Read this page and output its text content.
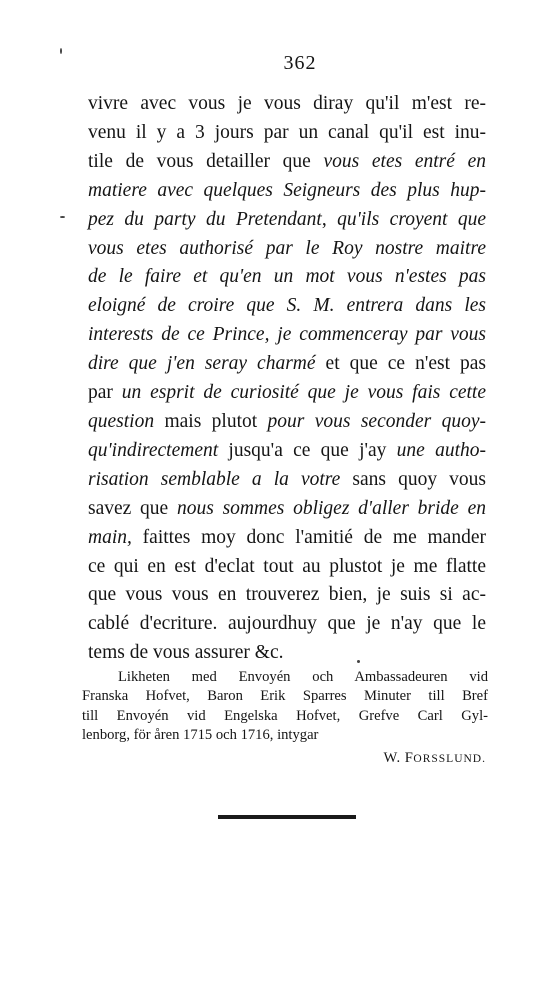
362
vivre avec vous je vous diray qu'il m'est re-
venu il y a 3 jours par un canal qu'il est inu-
tile de vous detailler que vous etes entré en
matiere avec quelques Seigneurs des plus hup-
pez du party du Pretendant, qu'ils croyent que
vous etes authorisé par le Roy nostre maitre
de le faire et qu'en un mot vous n'estes pas
eloigné de croire que S. M. entrera dans les
interests de ce Prince, je commenceray par vous
dire que j'en seray charmé et que ce n'est pas
par un esprit de curiosité que je vous fais cette
question mais plutot pour vous seconder quoy-
qu'indirectement jusqu'a ce que j'ay une autho-
risation semblable a la votre sans quoy vous
savez que nous sommes obligez d'aller bride en
main, faittes moy donc l'amitié de me mander
ce qui en est d'eclat tout au plustot je me flatte
que vous vous en trouverez bien, je suis si ac-
cablé d'ecriture. aujourdhuy que je n'ay que le
tems de vous assurer &c.
Likheten med Envoyén och Ambassadeuren vid
Franska Hofvet, Baron Erik Sparres Minuter till Bref
till Envoyén vid Engelska Hofvet, Grefve Carl Gyl-
lenborg, för åren 1715 och 1716, intygar
W. FORSSLUND.
